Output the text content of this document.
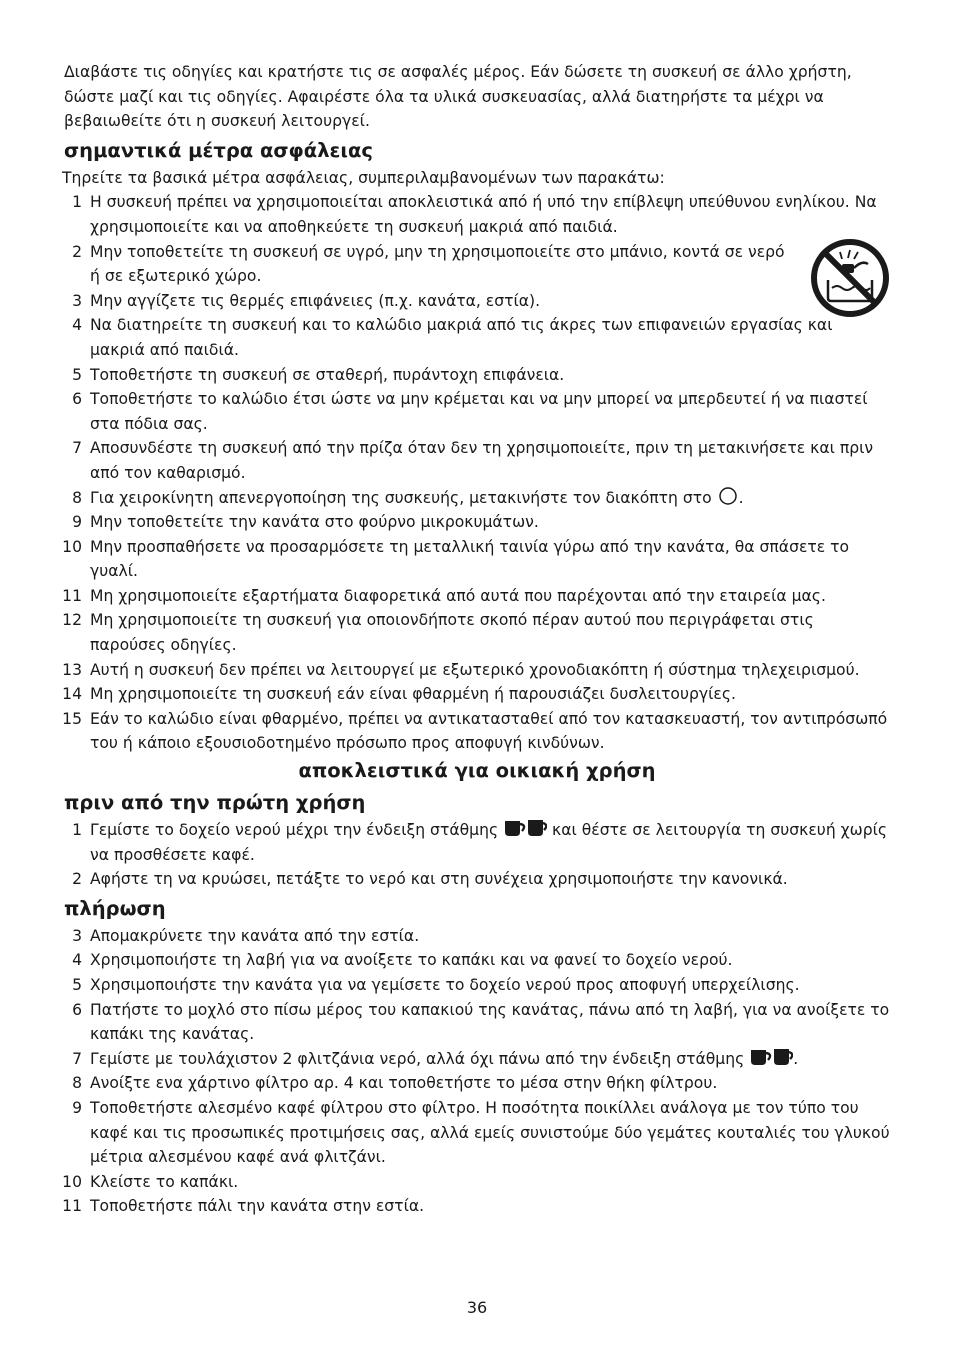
Διαβάστε τις οδηγίες και κρατήστε τις σε ασφαλές μέρος. Εάν δώσετε τη συσκευή σε άλλο χρήστη, δώστε μαζί και τις οδηγίες. Αφαιρέστε όλα τα υλικά συσκευασίας, αλλά διατηρήστε τα μέχρι να βεβαιωθείτε ότι η συσκευή λειτουργεί.

σημαντικά μέτρα ασφάλειας
Τηρείτε τα βασικά μέτρα ασφάλειας, συμπεριλαμβανομένων των παρακάτω:
1 Η συσκευή πρέπει να χρησιμοποιείται αποκλειστικά από ή υπό την επίβλεψη υπεύθυνου ενηλίκου. Να χρησιμοποιείτε και να αποθηκεύετε τη συσκευή μακριά από παιδιά.
2 Μην τοποθετείτε τη συσκευή σε υγρό, μην τη χρησιμοποιείτε στο μπάνιο, κοντά σε νερό ή σε εξωτερικό χώρο.
3 Μην αγγίζετε τις θερμές επιφάνειες (π.χ. κανάτα, εστία).
4 Να διατηρείτε τη συσκευή και το καλώδιο μακριά από τις άκρες των επιφανειών εργασίας και μακριά από παιδιά.
5 Τοποθετήστε τη συσκευή σε σταθερή, πυράντοχη επιφάνεια.
6 Τοποθετήστε το καλώδιο έτσι ώστε να μην κρέμεται και να μην μπορεί να μπερδευτεί ή να πιαστεί στα πόδια σας.
7 Αποσυνδέστε τη συσκευή από την πρίζα όταν δεν τη χρησιμοποιείτε, πριν τη μετακινήσετε και πριν από τον καθαρισμό.
8 Για χειροκίνητη απενεργοποίηση της συσκευής, μετακινήστε τον διακόπτη στο .
9 Μην τοποθετείτε την κανάτα στο φούρνο μικροκυμάτων.
10 Μην προσπαθήσετε να προσαρμόσετε τη μεταλλική ταινία γύρω από την κανάτα, θα σπάσετε το γυαλί.
11 Μη χρησιμοποιείτε εξαρτήματα διαφορετικά από αυτά που παρέχονται από την εταιρεία μας.
12 Μη χρησιμοποιείτε τη συσκευή για οποιονδήποτε σκοπό πέραν αυτού που περιγράφεται στις παρούσες οδηγίες.
13 Αυτή η συσκευή δεν πρέπει να λειτουργεί με εξωτερικό χρονοδιακόπτη ή σύστημα τηλεχειρισμού.
14 Μη χρησιμοποιείτε τη συσκευή εάν είναι φθαρμένη ή παρουσιάζει δυσλειτουργίες.
15 Εάν το καλώδιο είναι φθαρμένο, πρέπει να αντικατασταθεί από τον κατασκευαστή, τον αντιπρόσωπό του ή κάποιο εξουσιοδοτημένο πρόσωπο προς αποφυγή κινδύνων.
αποκλειστικά για οικιακή χρήση
πριν από την πρώτη χρήση
1 Γεμίστε το δοχείο νερού μέχρι την ένδειξη στάθμης	και θέστε σε λειτουργία τη συσκευή χωρίς να προσθέσετε καφέ.
2 Αφήστε τη να κρυώσει, πετάξτε το νερό και στη συνέχεια χρησιμοποιήστε την κανονικά.
πλήρωση
3 Απομακρύνετε την κανάτα από την εστία.
4 Χρησιμοποιήστε τη λαβή για να ανοίξετε το καπάκι και να φανεί το δοχείο νερού.
5 Χρησιμοποιήστε την κανάτα για να γεμίσετε το δοχείο νερού προς αποφυγή υπερχείλισης.
6 Πατήστε το μοχλό στο πίσω μέρος του καπακιού της κανάτας, πάνω από τη λαβή, για να ανοίξετε το καπάκι της κανάτας.
7 Γεμίστε με τουλάχιστον 2 φλιτζάνια νερό, αλλά όχι πάνω από την ένδειξη στάθμης	.
8 Ανοίξτε ενα χάρτινο φίλτρο αρ. 4 και τοποθετήστε το μέσα στην θήκη φίλτρου.
9 Τοποθετήστε αλεσμένο καφέ φίλτρου στο φίλτρο. Η ποσότητα ποικίλλει ανάλογα με τον τύπο του καφέ και τις προσωπικές προτιμήσεις σας, αλλά εμείς συνιστούμε δύο γεμάτες κουταλιές του γλυκού μέτρια αλεσμένου καφέ ανά φλιτζάνι.
10 Κλείστε το καπάκι.
11 Τοποθετήστε πάλι την κανάτα στην εστία.
36
